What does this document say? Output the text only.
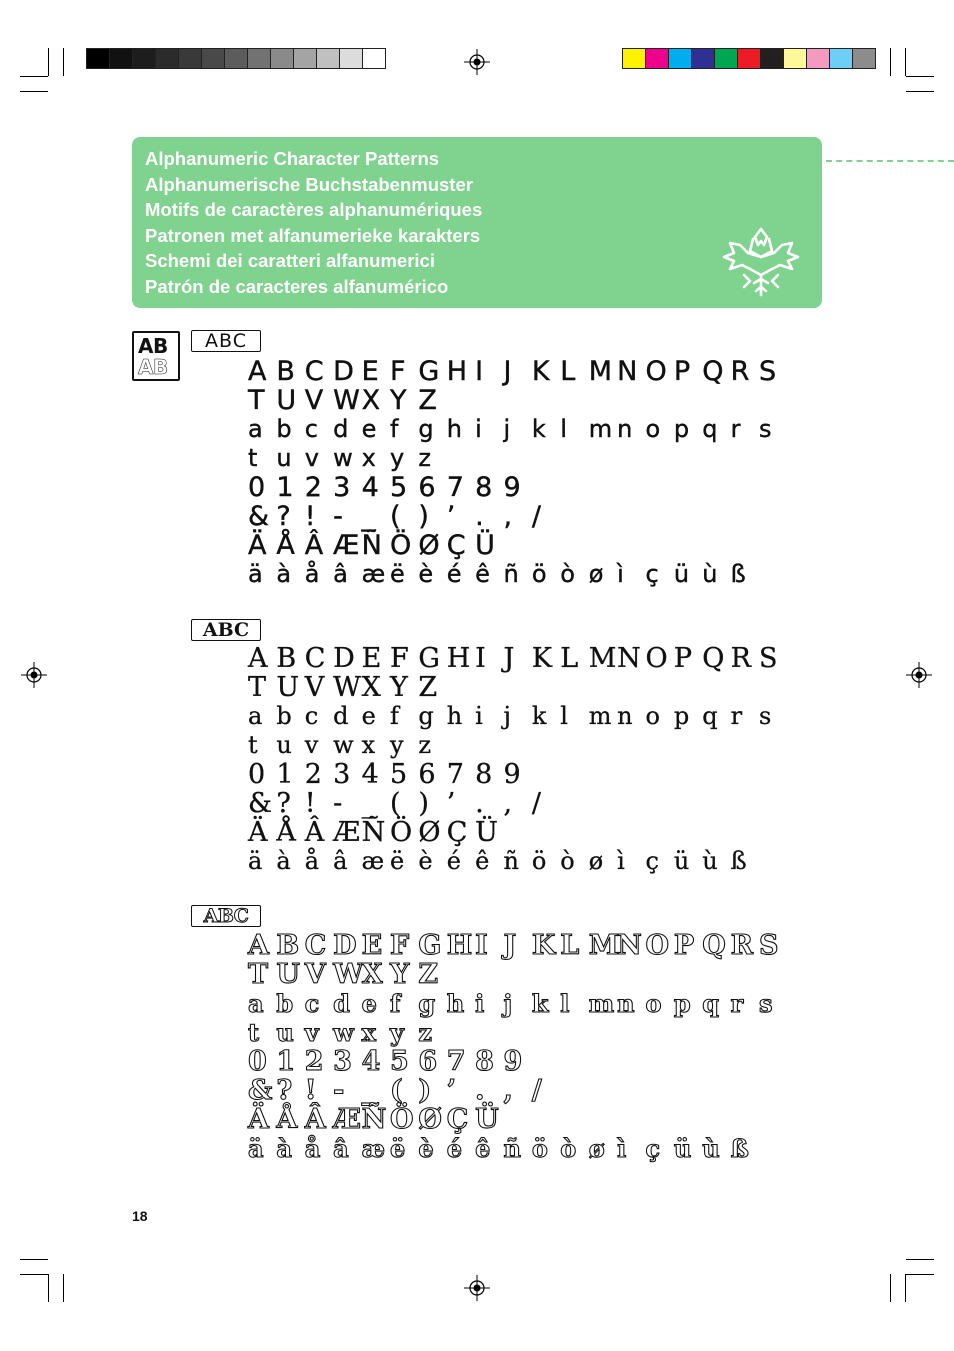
Alphanumeric Character Patterns
Alphanumerische Buchstabenmuster
Motifs de caractères alphanumériques
Patronen met alfanumerieke karakters
Schemi dei caratteri alfanumerici
Patrón de caracteres alfanumérico
AB
AB
ABC
ABC
ABC
A B C D E F G H I J K L M N O P Q R S
T U V W X Y Z
a b c d e f g h i j k l m n o p q r s
t u v w x y z
0 1 2 3 4 5 6 7 8 9
& ? ! - _ ( ) ’ . , /
Ä Å Â Æ Ñ Ö Ø Ç Ü
ä à å â æ ë è é ê ñ ö ò ø ì ç ü ù ß
A B C D E F G H I J K L M N O P Q R S
T U V W X Y Z
a b c d e f g h i j k l m n o p q r s
t u v w x y z
0 1 2 3 4 5 6 7 8 9
& ? ! - _ ( ) ’ . , /
Ä Å Â Æ Ñ Ö Ø Ç Ü
ä à å â æ ë è é ê ñ ö ò ø ì ç ü ù ß
A B C D E F G H I J K L M
N O P Q R S
T U V W
X Y Z
a b c d e f g h i j k l m n o p q r s
t u v w x y z
0 1 2 3 4 5 6 7 8 9
& ? ! - _ ( ) ’ . , /
Ä Å Â Æ Ñ Ö Ø Ç Ü
ä à å â æ ë è é ê ñ ö ò ø ì ç ü ù ß
18
